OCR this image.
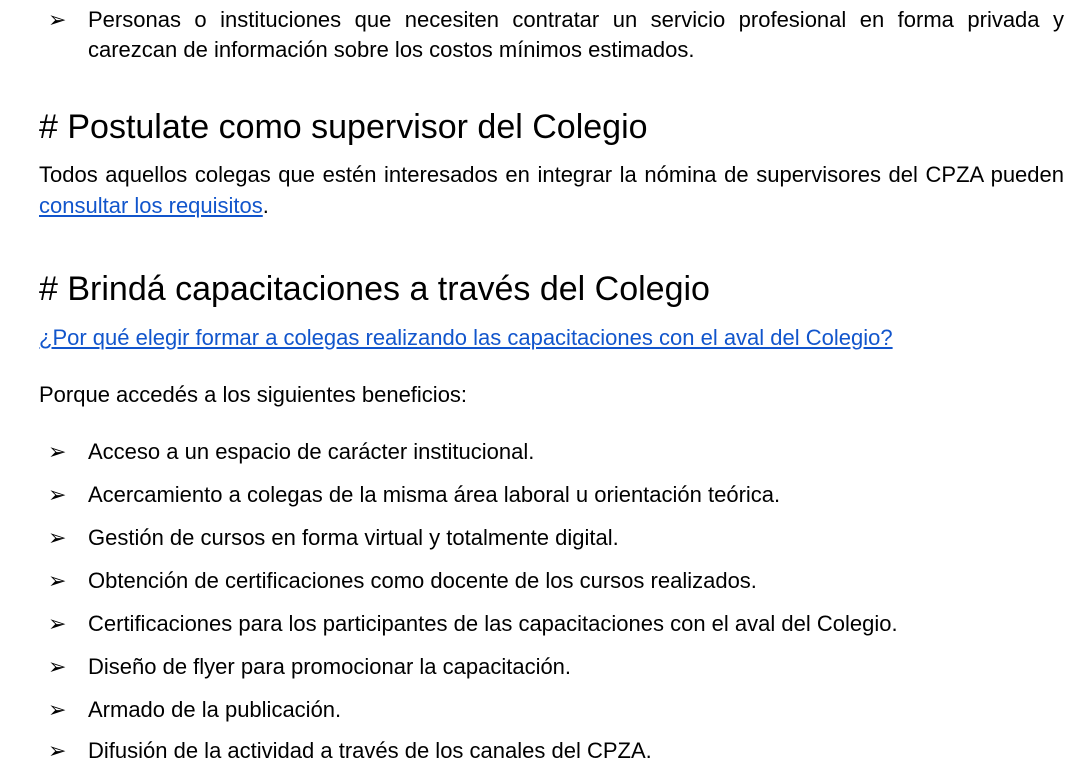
➢ Personas o instituciones que necesiten contratar un servicio profesional en forma privada y carezcan de información sobre los costos mínimos estimados.
# Postulate como supervisor del Colegio

Todos aquellos colegas que estén interesados en integrar la nómina de supervisores del CPZA pueden consultar los requisitos.

# Brindá capacitaciones a través del Colegio

¿Por qué elegir formar a colegas realizando las capacitaciones con el aval del Colegio?

Porque accedés a los siguientes beneficios:

➢ Acceso a un espacio de carácter institucional.
➢ Acercamiento a colegas de la misma área laboral u orientación teórica.
➢ Gestión de cursos en forma virtual y totalmente digital.
➢ Obtención de certificaciones como docente de los cursos realizados.
➢ Certificaciones para los participantes de las capacitaciones con el aval del Colegio.
➢ Diseño de flyer para promocionar la capacitación.
➢ Armado de la publicación.
➢ Difusión de la actividad a través de los canales del CPZA.
